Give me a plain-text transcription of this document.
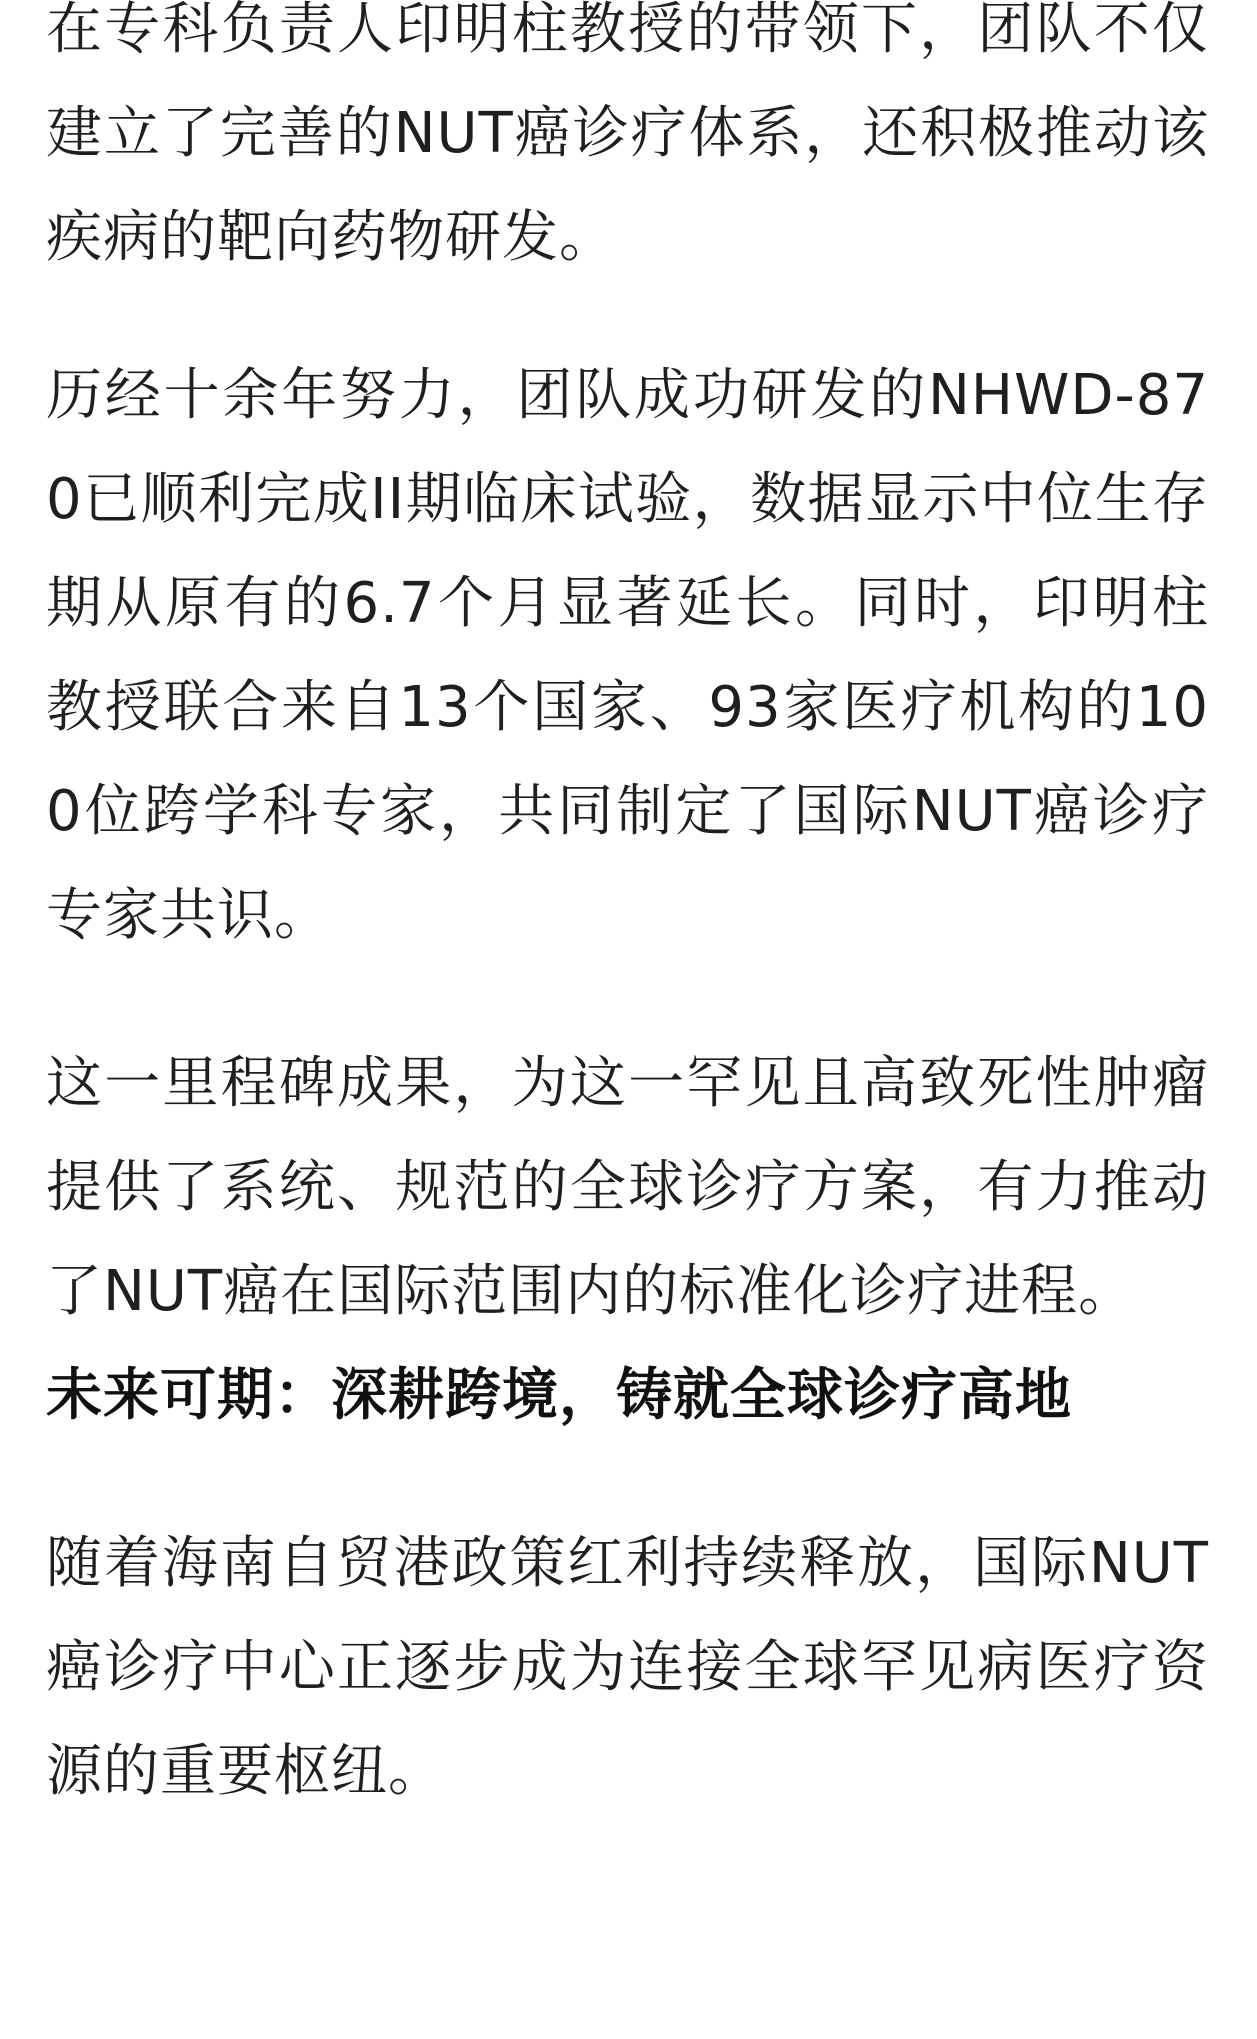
在专科负责人印明柱教授的带领下，团队不仅建立了完善的NUT癌诊疗体系，还积极推动该疾病的靶向药物研发。

历经十余年努力，团队成功研发的NHWD-870已顺利完成II期临床试验，数据显示中位生存期从原有的6.7个月显著延长。同时，印明柱教授联合来自13个国家、93家医疗机构的100位跨学科专家，共同制定了国际NUT癌诊疗专家共识。

这一里程碑成果，为这一罕见且高致死性肿瘤提供了系统、规范的全球诊疗方案，有力推动了NUT癌在国际范围内的标准化诊疗进程。

未来可期：深耕跨境，铸就全球诊疗高地

随着海南自贸港政策红利持续释放，国际NUT癌诊疗中心正逐步成为连接全球罕见病医疗资源的重要枢纽。
